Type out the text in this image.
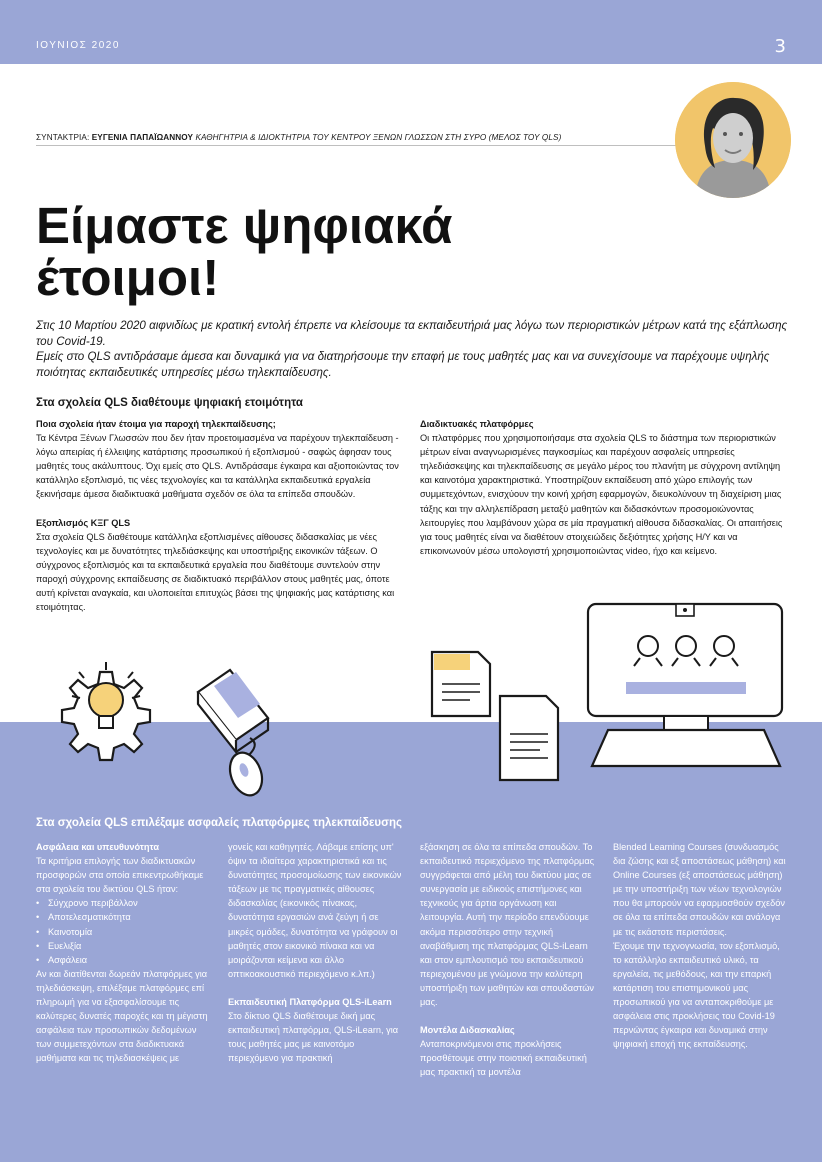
ΙΟΥΝΙΟΣ 2020	3
ΣΥΝΤΑΚΤΡΙΑ: ΕΥΓΕΝΙΑ ΠΑΠΑΪΩΑΝΝΟΥ ΚΑΘΗΓΗΤΡΙΑ & ΙΔΙΟΚΤΗΤΡΙΑ ΤΟΥ ΚΕΝΤΡΟΥ ΞΕΝΩΝ ΓΛΩΣΣΩΝ ΣΤΗ ΣΥΡΟ (ΜΕΛΟΣ ΤΟΥ QLS)
Είμαστε ψηφιακά
έτοιμοι!
Στις 10 Μαρτίου 2020 αιφνιδίως με κρατική εντολή έπρεπε να κλείσουμε τα εκπαιδευτήριά μας λόγω των περιοριστικών μέτρων κατά της εξάπλωσης του Covid-19.
Εμείς στο QLS αντιδράσαμε άμεσα και δυναμικά για να διατηρήσουμε την επαφή με τους μαθητές μας και να συνεχίσουμε να παρέχουμε υψηλής ποιότητας εκπαιδευτικές υπηρεσίες μέσω τηλεκπαίδευσης.
Στα σχολεία QLS διαθέτουμε ψηφιακή ετοιμότητα

Ποια σχολεία ήταν έτοιμα για παροχή τηλεκπαίδευσης;
Τα Κέντρα Ξένων Γλωσσών που δεν ήταν προετοιμασμένα να παρέχουν τηλεκπαίδευση - λόγω απειρίας ή έλλειψης κατάρτισης προσωπικού ή εξοπλισμού - σαφώς άφησαν τους μαθητές τους ακάλυπτους. Όχι εμείς στο QLS. Αντιδράσαμε έγκαιρα και αξιοποιώντας τον κατάλληλο εξοπλισμό, τις νέες τεχνολογίες και τα κατάλληλα εκπαιδευτικά εργαλεία ξεκινήσαμε άμεσα διαδικτυακά μαθήματα σχεδόν σε όλα τα επίπεδα σπουδών.

Εξοπλισμός ΚΞΓ QLS
Στα σχολεία QLS διαθέτουμε κατάλληλα εξοπλισμένες αίθουσες διδασκαλίας με νέες τεχνολογίες και με δυνατότητες τηλεδιάσκεψης και υποστήριξης εικονικών τάξεων. Ο σύγχρονος εξοπλισμός και τα εκπαιδευτικά εργαλεία που διαθέτουμε συντελούν στην παροχή σύγχρονης εκπαίδευσης σε διαδικτυακό περιβάλλον στους μαθητές μας, όποτε αυτή κρίνεται αναγκαία, και υλοποιείται επιτυχώς βάσει της ψηφιακής μας κατάρτισης και ετοιμότητας.

Διαδικτυακές πλατφόρμες
Οι πλατφόρμες που χρησιμοποιήσαμε στα σχολεία QLS το διάστημα των περιοριστικών μέτρων είναι αναγνωρισμένες παγκοσμίως και παρέχουν ασφαλείς υπηρεσίες τηλεδιάσκεψης και τηλεκπαίδευσης σε μεγάλο μέρος του πλανήτη με σύγχρονη αντίληψη και καινοτόμα χαρακτηριστικά. Υποστηρίζουν εκπαίδευση από χώρο επιλογής των συμμετεχόντων, ενισχύουν την κοινή χρήση εφαρμογών, διευκολύνουν τη διαχείριση μιας τάξης και την αλληλεπίδραση μεταξύ μαθητών και διδασκόντων προσομοιώνοντας λειτουργίες που λαμβάνουν χώρα σε μία πραγματική αίθουσα διδασκαλίας. Οι απαιτήσεις για τους μαθητές είναι να διαθέτουν στοιχειώδεις δεξιότητες χρήσης Η/Υ και να επικοινωνούν μέσω υπολογιστή χρησιμοποιώντας video, ήχο και κείμενο.

Στα σχολεία QLS επιλέξαμε ασφαλείς πλατφόρμες τηλεκπαίδευσης
Ασφάλεια και υπευθυνότητα
Τα κριτήρια επιλογής των διαδικτυακών προσφορών στα οποία επικεντρωθήκαμε στα σχολεία του δικτύου QLS ήταν:
• Σύγχρονο περιβάλλον
• Αποτελεσματικότητα
• Καινοτομία
• Ευελιξία
• Ασφάλεια
Αν και διατίθενται δωρεάν πλατφόρμες για τηλεδιάσκεψη, επιλέξαμε πλατφόρμες επί πληρωμή για να εξασφαλίσουμε τις καλύτερες δυνατές παροχές και τη μέγιστη ασφάλεια των προσωπικών δεδομένων των συμμετεχόντων στα διαδικτυακά μαθήματα και τις τηλεδιασκέψεις με
γονείς και καθηγητές. Λάβαμε επίσης υπ' όψιν τα ιδιαίτερα χαρακτηριστικά και τις δυνατότητες προσομοίωσης των εικονικών τάξεων με τις πραγματικές αίθουσες διδασκαλίας (εικονικός πίνακας, δυνατότητα εργασιών ανά ζεύγη ή σε μικρές ομάδες, δυνατότητα να γράφουν οι μαθητές στον εικονικό πίνακα και να μοιράζονται κείμενα και άλλο οπτικοακουστικό περιεχόμενο κ.λπ.)
Εκπαιδευτική Πλατφόρμα QLS-iLearn
Στο δίκτυο QLS διαθέτουμε δική μας εκπαιδευτική πλατφόρμα, QLS-iLearn, για τους μαθητές μας με καινοτόμο περιεχόμενο για πρακτική
εξάσκηση σε όλα τα επίπεδα σπουδών. Το εκπαιδευτικό περιεχόμενο της πλατφόρμας συγγράφεται από μέλη του δικτύου μας σε συνεργασία με ειδικούς επιστήμονες και τεχνικούς για άρτια οργάνωση και λειτουργία. Αυτή την περίοδο επενδύουμε ακόμα περισσότερο στην τεχνική αναβάθμιση της πλατφόρμας QLS-iLearn και στον εμπλουτισμό του εκπαιδευτικού περιεχομένου με γνώμονα την καλύτερη υποστήριξη των μαθητών και σπουδαστών μας.
Μοντέλα Διδασκαλίας
Ανταποκρινόμενοι στις προκλήσεις προσθέτουμε στην ποιοτική εκπαιδευτική μας πρακτική τα μοντέλα
Blended Learning Courses (συνδυασμός δια ζώσης και εξ αποστάσεως μάθηση) και Online Courses (εξ αποστάσεως μάθηση) με την υποστήριξη των νέων τεχνολογιών που θα μπορούν να εφαρμοσθούν σχεδόν σε όλα τα επίπεδα σπουδών και ανάλογα με τις εκάστοτε περιστάσεις.
Έχουμε την τεχνογνωσία, τον εξοπλισμό, το κατάλληλο εκπαιδευτικό υλικό, τα εργαλεία, τις μεθόδους, και την επαρκή κατάρτιση του επιστημονικού μας προσωπικού για να ανταποκριθούμε με ασφάλεια στις προκλήσεις του Covid-19 περνώντας έγκαιρα και δυναμικά στην ψηφιακή εποχή της εκπαίδευσης.
